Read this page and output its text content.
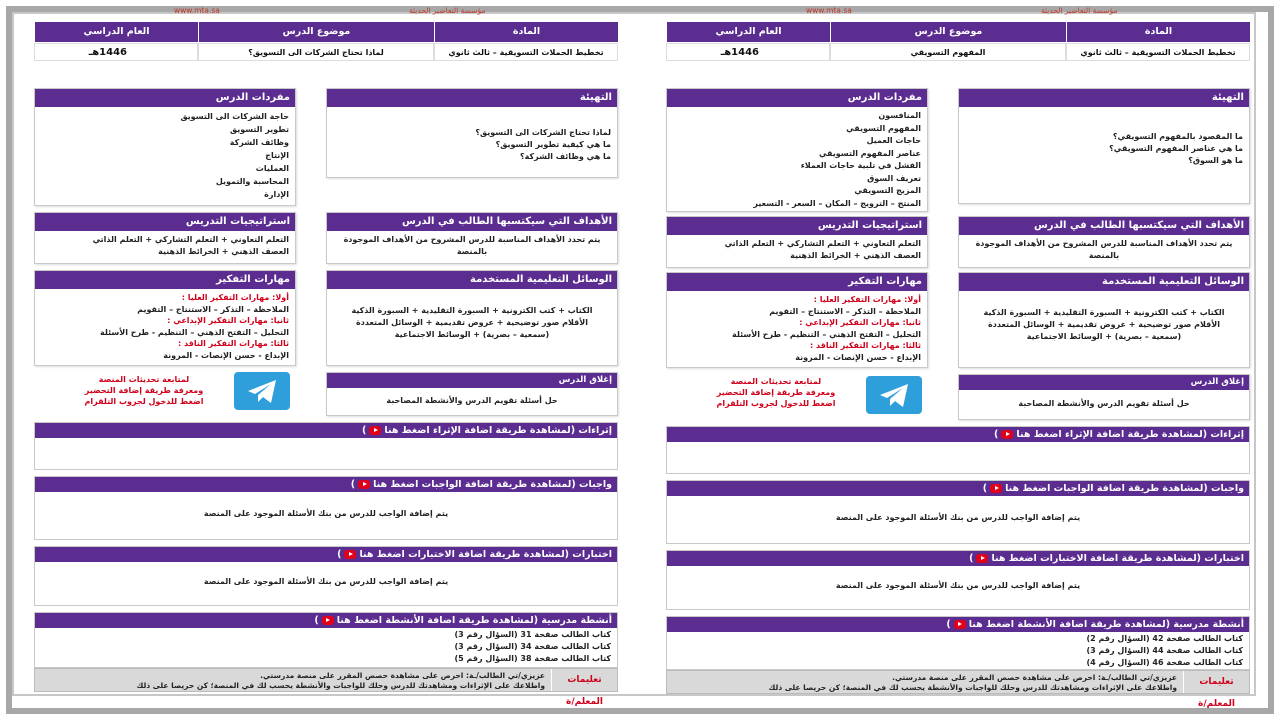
مؤسسة التعاضير الحديثة
www.mta.sa
المادة
موضوع الدرس
العام الدراسي
تخطيط الحملات التسويقية – ثالث ثانوي
لماذا تحتاج الشركات الى التسويق؟
1446هـ
التهيئة
لماذا تحتاج الشركات الى التسويق؟
ما هي كيفية تطوير التسويق؟
ما هي وظائف الشركة؟
مفردات الدرس
حاجة الشركات الى التسويق
تطوير التسويق
وظائف الشركة
الإنتاج
العمليات
المحاسبة والتمويل
الإدارة
الأهداف التي سيكتسبها الطالب في الدرس
يتم تحدد الأهداف المناسبة للدرس المشروح من الأهداف الموجودة
بالمنصة
استراتيجيات التدريس
التعلم التعاوني + التعلم التشاركي + التعلم الذاتي
العصف الذهني + الخرائط الذهنية
الوسائل التعليمية المستخدمة
الكتاب + كتب الكترونية + السبورة التقليدية + السبورة الذكية
الأقلام صور توضيحية + عروض تقديمية + الوسائل المتعددة
(سمعية – بصرية) + الوسائط الاجتماعية
مهارات التفكير
أولا: مهارات التفكير العليا :
الملاحظة – التذكر – الاستنتاج – التقويم
ثانيا: مهارات التفكير الإبداعي :
التحليل – التفتح الذهني – التنظيم - طرح الأسئلة
ثالثا: مهارات التفكير الناقد :
الإبداع - حسن الإنصات - المرونة
إغلاق الدرس
حل أسئلة تقويم الدرس والأنشطة المصاحبة
لمتابعة تحديثات المنصة
ومعرفة طريقة إضافة التحضير
اضغط للدخول لجروب التلقرام
إثراءات (لمشاهدة طريقة اضافة الإثراء اضغط هنا)
واجبات (لمشاهدة طريقة اضافة الواجبات اضغط هنا)
يتم إضافة الواجب للدرس من بنك الأسئلة الموجود على المنصة
اختبارات (لمشاهدة طريقة اضافة الاختبارات اضغط هنا)
يتم إضافة الواجب للدرس من بنك الأسئلة الموجود على المنصة
أنشطة مدرسية (لمشاهدة طريقة اضافة الأنشطة اضغط هنا)
كتاب الطالب صفحة 31 (السؤال رقم 3)
كتاب الطالب صفحة 34 (السؤال رقم 3)
كتاب الطالب صفحة 38 (السؤال رقم 5)
تعليمات المعلم/ة
عزيزي/تي الطالب/ـة: احرص على مشاهدة حصص المقرر على منصة مدرستي.
واطلاعك على الإثراءات ومشاهدتك للدرس وحلك للواجبات والأنشطة يحسب لك في المنصة؛ كن حريصا على ذلك
مؤسسة التعاضير الحديثة
www.mta.sa
المادة
موضوع الدرس
العام الدراسي
تخطيط الحملات التسويقية – ثالث ثانوي
المفهوم التسويقي
1446هـ
التهيئة
ما المقصود بالمفهوم التسويقي؟
ما هي عناصر المفهوم التسويقي؟
ما هو السوق؟
مفردات الدرس
المنافسون
المفهوم التسويقي
حاجات العميل
عناصر المفهوم التسويقي
الفشل في تلبية حاجات العملاء
تعريف السوق
المزيج التسويقي
المنتج – الترويج – المكان – السعر - التسعير
الأهداف التي سيكتسبها الطالب في الدرس
يتم تحدد الأهداف المناسبة للدرس المشروح من الأهداف الموجودة
بالمنصة
استراتيجيات التدريس
التعلم التعاوني + التعلم التشاركي + التعلم الذاتي
العصف الذهني + الخرائط الذهنية
الوسائل التعليمية المستخدمة
الكتاب + كتب الكترونية + السبورة التقليدية + السبورة الذكية
الأقلام صور توضيحية + عروض تقديمية + الوسائل المتعددة
(سمعية – بصرية) + الوسائط الاجتماعية
مهارات التفكير
أولا: مهارات التفكير العليا :
الملاحظة – التذكر – الاستنتاج – التقويم
ثانيا: مهارات التفكير الإبداعي :
التحليل – التفتح الذهني – التنظيم - طرح الأسئلة
ثالثا: مهارات التفكير الناقد :
الإبداع - حسن الإنصات - المرونة
إغلاق الدرس
حل أسئلة تقويم الدرس والأنشطة المصاحبة
لمتابعة تحديثات المنصة
ومعرفة طريقة إضافة التحضير
اضغط للدخول لجروب التلقرام
إثراءات (لمشاهدة طريقة اضافة الإثراء اضغط هنا)
واجبات (لمشاهدة طريقة اضافة الواجبات اضغط هنا)
يتم إضافة الواجب للدرس من بنك الأسئلة الموجود على المنصة
اختبارات (لمشاهدة طريقة اضافة الاختبارات اضغط هنا)
يتم إضافة الواجب للدرس من بنك الأسئلة الموجود على المنصة
أنشطة مدرسية (لمشاهدة طريقة اضافة الأنشطة اضغط هنا)
كتاب الطالب صفحة 42 (السؤال رقم 2)
كتاب الطالب صفحة 44 (السؤال رقم 3)
كتاب الطالب صفحة 46 (السؤال رقم 4)
تعليمات المعلم/ة
عزيزي/تي الطالب/ـة: احرص على مشاهدة حصص المقرر على منصة مدرستي.
واطلاعك على الإثراءات ومشاهدتك للدرس وحلك للواجبات والأنشطة يحسب لك في المنصة؛ كن حريصا على ذلك
